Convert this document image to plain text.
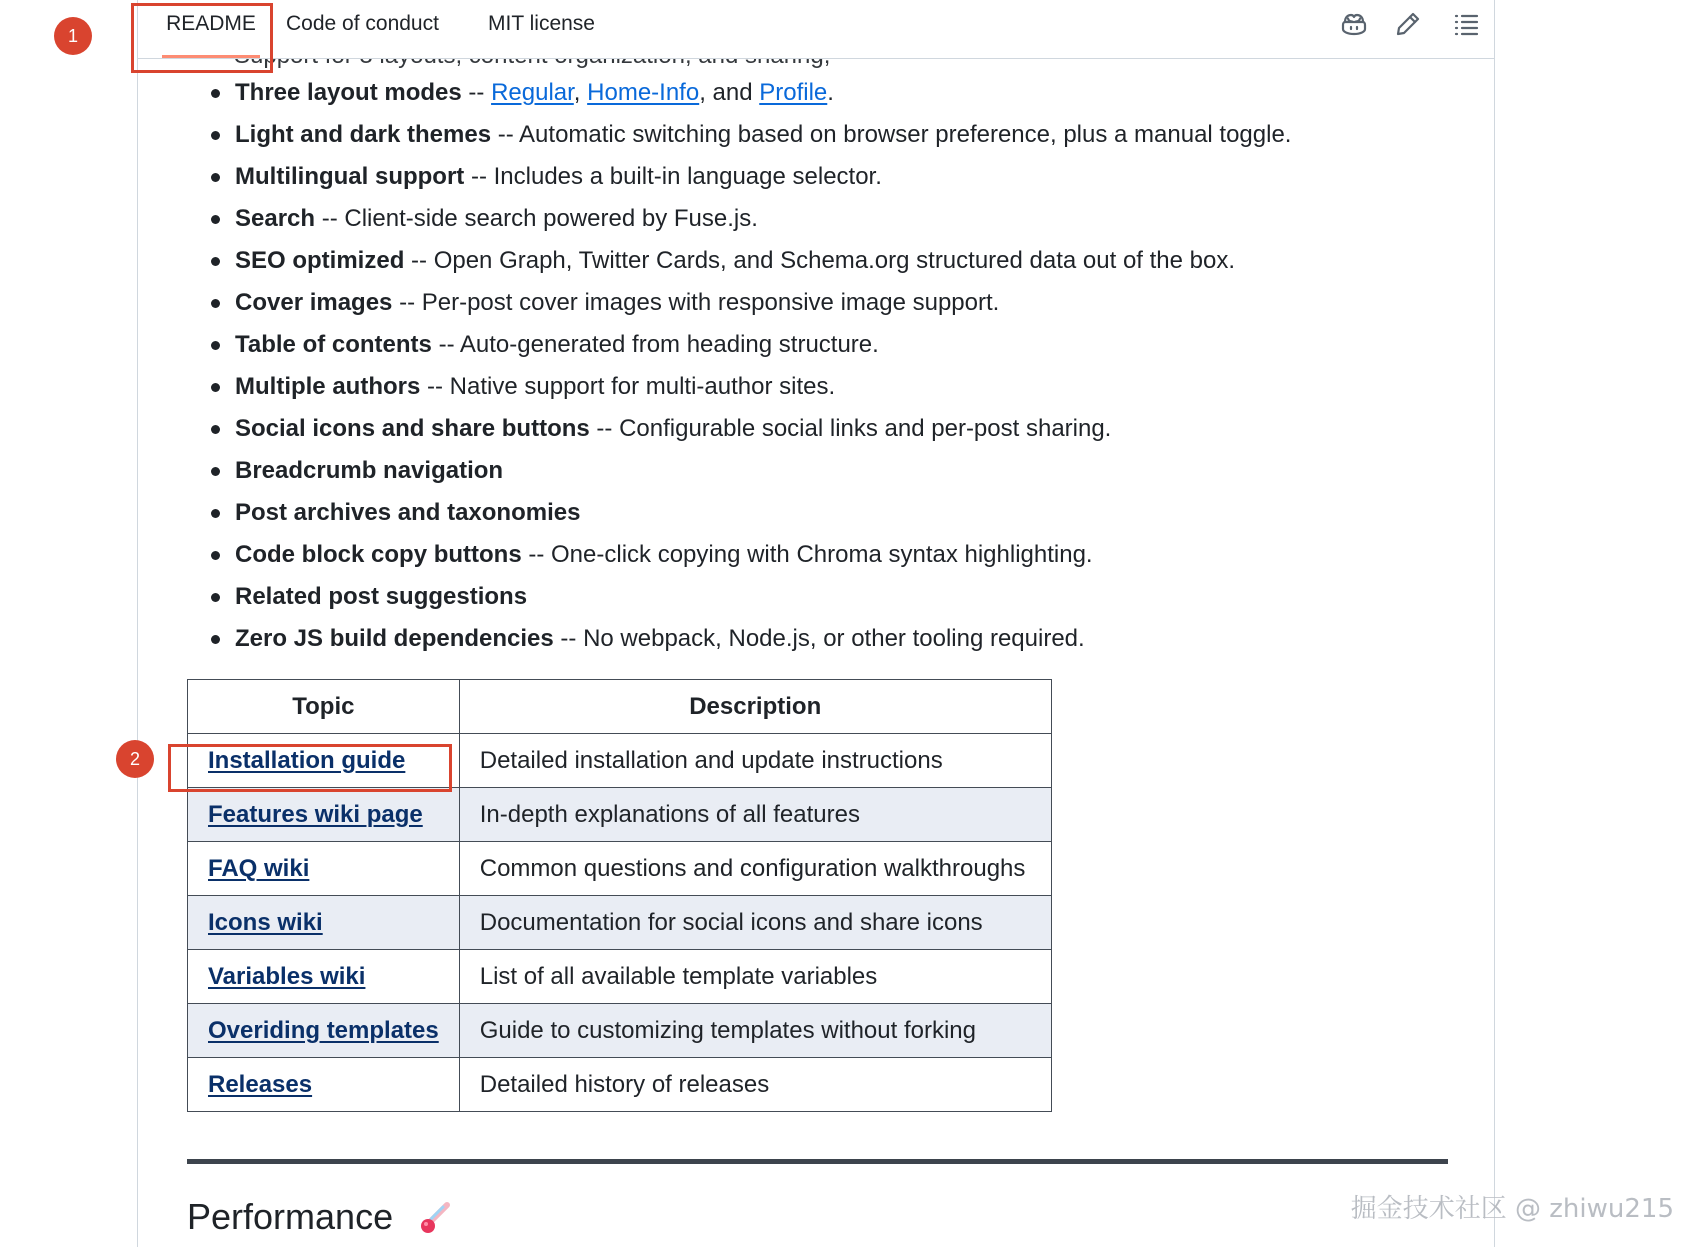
README Code of conduct MIT license
1
Three layout modes -- Regular, Home-Info, and Profile.
Light and dark themes -- Automatic switching based on browser preference, plus a manual toggle.
Multilingual support -- Includes a built-in language selector.
Search -- Client-side search powered by Fuse.js.
SEO optimized -- Open Graph, Twitter Cards, and Schema.org structured data out of the box.
Cover images -- Per-post cover images with responsive image support.
Table of contents -- Auto-generated from heading structure.
Multiple authors -- Native support for multi-author sites.
Social icons and share buttons -- Configurable social links and per-post sharing.
Breadcrumb navigation
Post archives and taxonomies
Code block copy buttons -- One-click copying with Chroma syntax highlighting.
Related post suggestions
Zero JS build dependencies -- No webpack, Node.js, or other tooling required.
Topic	Description
Installation guide	Detailed installation and update instructions
Features wiki page	In-depth explanations of all features
FAQ wiki	Common questions and configuration walkthroughs
Icons wiki	Documentation for social icons and share icons
Variables wiki	List of all available template variables
Overiding templates	Guide to customizing templates without forking
Releases	Detailed history of releases
2
Performance	掘金技术社区 @ zhiwu215
